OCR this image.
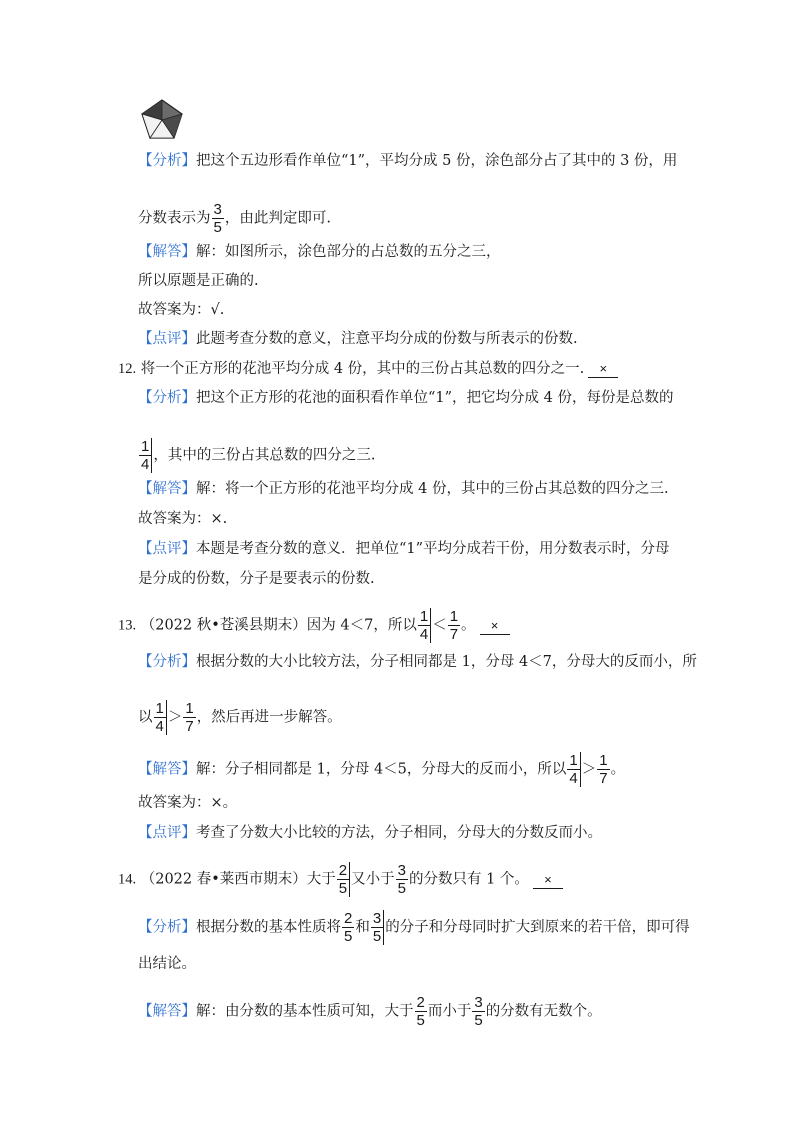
【分析】把这个五边形看作单位“1”，平均分成 5 份，涂色部分占了其中的 3 份，用
分数表示为 $\frac{3}{5}$ ，由此判定即可.
【解答】解：如图所示，涂色部分的占总数的五分之三，
所以原题是正确的.
故答案为：√.
【点评】此题考查分数的意义，注意平均分成的份数与所表示的份数.
12. 将一个正方形的花池平均分成 4 份，其中的三份占其总数的四分之一. ×
【分析】把这个正方形的花池的面积看作单位“1”，把它均分成 4 份，每份是总数的
$\frac{1}{4}$ ，其中的三份占其总数的四分之三.
【解答】解：将一个正方形的花池平均分成 4 份，其中的三份占其总数的四分之三.
故答案为：×.
【点评】本题是考查分数的意义．把单位“1”平均分成若干份，用分数表示时，分母
是分成的份数，分子是要表示的份数.
13. （2022 秋•苍溪县期末）因为 4＜7，所以 $\frac{1}{4} < \frac{1}{7}$ 。 ×
【分析】根据分数的大小比较方法，分子相同都是 1，分母 4＜7，分母大的反而小，所
以 $\frac{1}{4} > \frac{1}{7}$ ，然后再进一步解答。
【解答】解：分子相同都是 1，分母 4＜5，分母大的反而小，所以 $\frac{1}{4} > \frac{1}{7}$ 。
故答案为：×。
【点评】考查了分数大小比较的方法，分子相同，分母大的分数反而小。
14. （2022 春•莱西市期末）大于 $\frac{2}{5}$ 又小于 $\frac{3}{5}$ 的分数只有 1 个。 ×
【分析】根据分数的基本性质将 $\frac{2}{5}$ 和 $\frac{3}{5}$ 的分子和分母同时扩大到原来的若干倍，即可得
出结论。
【解答】解：由分数的基本性质可知，大于 $\frac{2}{5}$ 而小于 $\frac{3}{5}$ 的分数有无数个。
